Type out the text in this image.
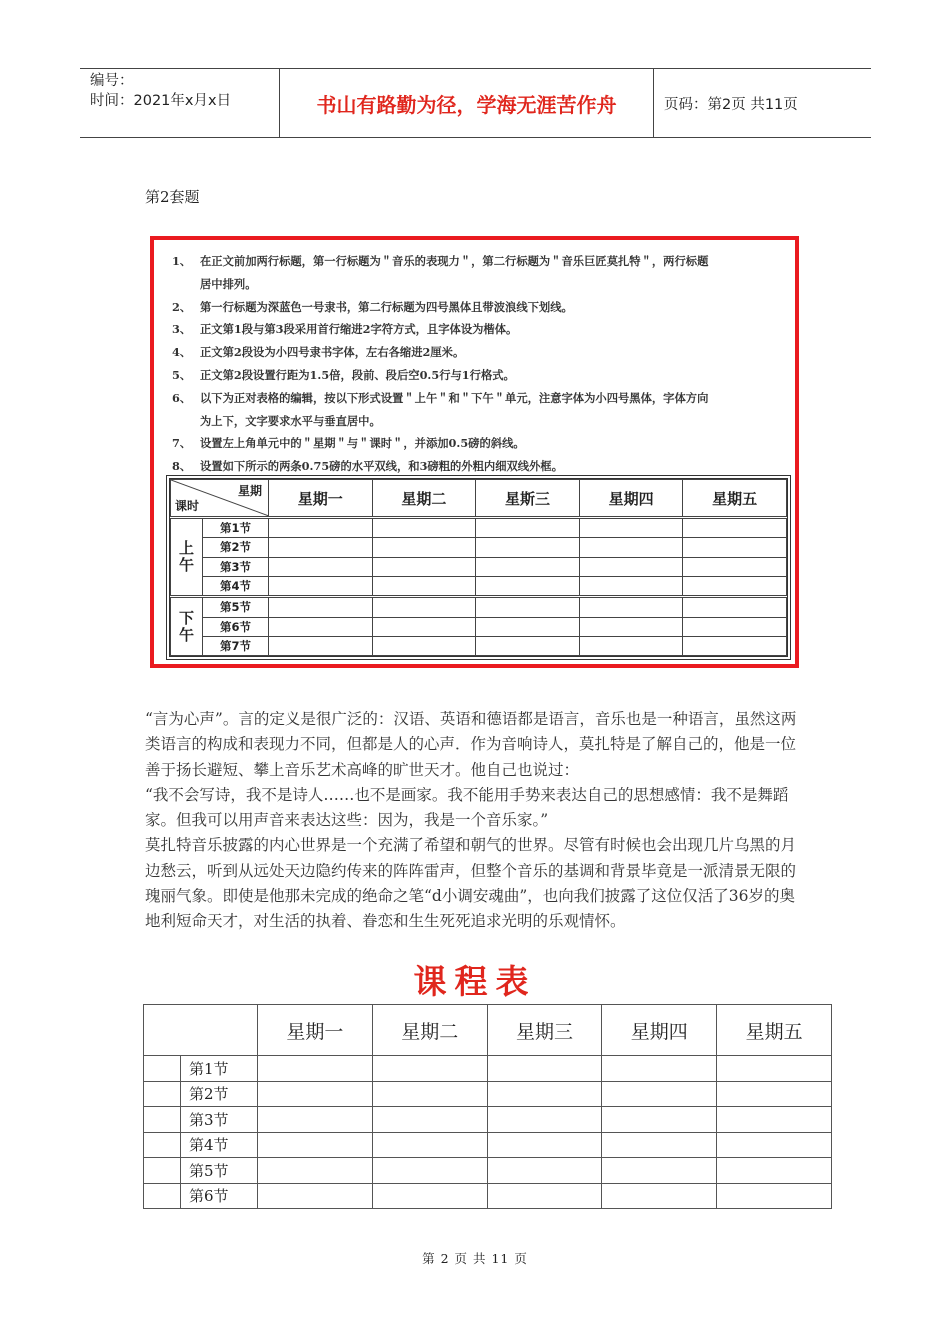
编号：
时间：2021年x月x日	书山有路勤为径，学海无涯苦作舟	页码：第2页 共11页
第2套题
1、 在正文前加两行标题，第一行标题为＂音乐的表现力＂，第二行标题为＂音乐巨匠莫扎特＂，两行标题
居中排列。
2、 第一行标题为深蓝色一号隶书，第二行标题为四号黑体且带波浪线下划线。
3、 正文第1段与第3段采用首行缩进2字符方式，且字体设为楷体。
4、 正文第2段设为小四号隶书字体，左右各缩进2厘米。
5、 正文第2段设置行距为1.5倍，段前、段后空0.5行与1行格式。
6、 以下为正对表格的编辑，按以下形式设置＂上午＂和＂下午＂单元，注意字体为小四号黑体，字体方向
为上下，文字要求水平与垂直居中。
7、 设置左上角单元中的＂星期＂与＂课时＂，并添加0.5磅的斜线。
8、 设置如下所示的两条0.75磅的水平双线，和3磅粗的外粗内细双线外框。
星期
课时		星期一	星期二	星斯三	星期四	星期五
上
午	第1节					
	第2节					
	第3节					
	第4节					
下
午	第5节					
	第6节					
	第7节					

“言为心声”。言的定义是很广泛的：汉语、英语和德语都是语言，音乐也是一种语言，虽然这两类语言的构成和表现力不同，但都是人的心声．作为音响诗人，莫扎特是了解自己的，他是一位善于扬长避短、攀上音乐艺术高峰的旷世天才。他自己也说过：

“我不会写诗，我不是诗人……也不是画家。我不能用手势来表达自己的思想感情：我不是舞蹈家。但我可以用声音来表达这些：因为，我是一个音乐家。”

莫扎特音乐披露的内心世界是一个充满了希望和朝气的世界。尽管有时候也会出现几片乌黑的月边愁云，听到从远处天边隐约传来的阵阵雷声，但整个音乐的基调和背景毕竟是一派清景无限的瑰丽气象。即使是他那未完成的绝命之笔“d小调安魂曲”，也向我们披露了这位仅活了36岁的奥地利短命天才，对生活的执着、眷恋和生生死死追求光明的乐观情怀。

课程表
		星期一	星期二	星期三	星期四	星期五
	第1节					
	第2节					
	第3节					
	第4节					
	第5节					
	第6节					
第 2 页 共 11 页
